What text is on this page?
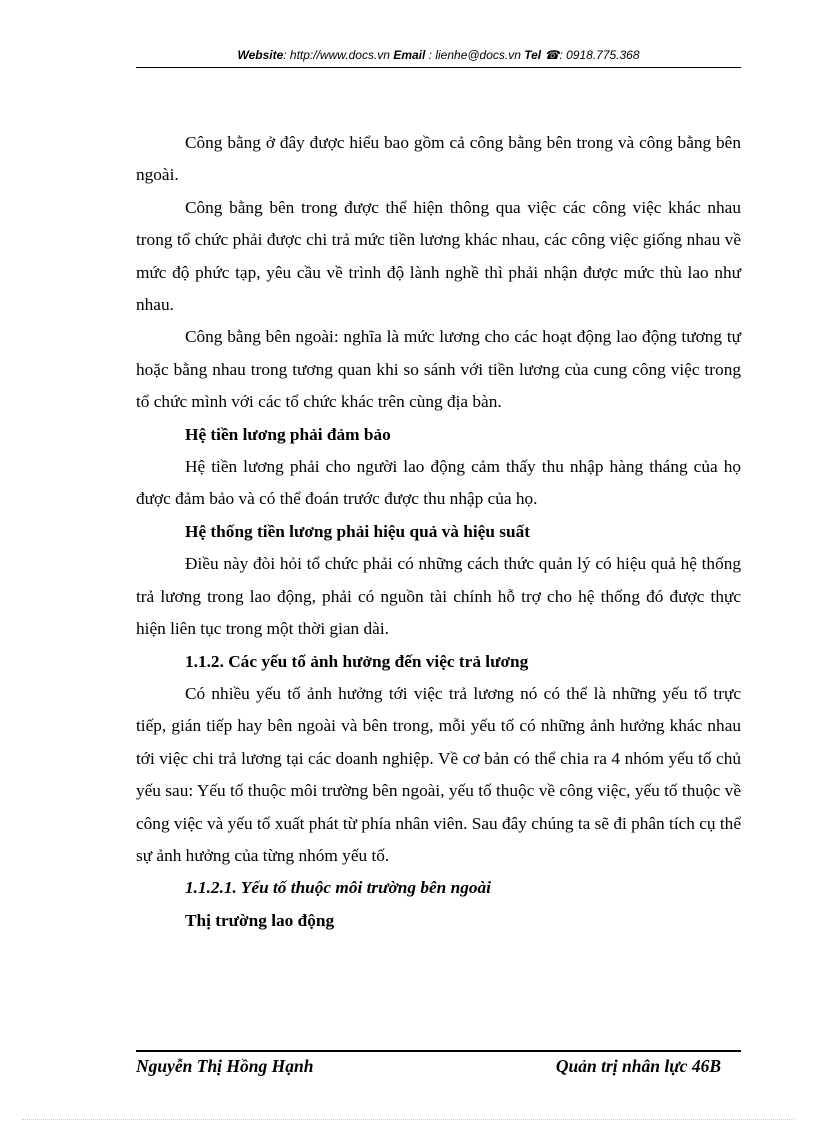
Website: http://www.docs.vn Email : lienhe@docs.vn Tel ☎: 0918.775.368

Công bằng ở đây được hiểu bao gồm cả công bằng bên trong và công bằng bên ngoài.

Công bằng bên trong được thể hiện thông qua việc các công việc khác nhau trong tổ chức phải được chi trả mức tiền lương khác nhau, các công việc giống nhau về mức độ phức tạp, yêu cầu về trình độ lành nghề thì phải nhận được mức thù lao như nhau.

Công bằng bên ngoài: nghĩa là mức lương cho các hoạt động lao động tương tự hoặc bằng nhau trong tương quan khi so sánh với tiền lương của cung công việc trong tổ chức mình với các tổ chức khác trên cùng địa bàn.

Hệ tiền lương phải đảm bảo

Hệ tiền lương phải cho người lao động cảm thấy thu nhập hàng tháng của họ được đảm bảo và có thể đoán trước được thu nhập của họ.

Hệ thống tiền lương phải hiệu quả và hiệu suất

Điều này đòi hỏi tổ chức phải có những cách thức quản lý có hiệu quả hệ thống trả lương trong lao động, phải có nguồn tài chính hỗ trợ cho hệ thống đó được thực hiện liên tục trong một thời gian dài.

1.1.2. Các yếu tố ảnh hưởng đến việc trả lương

Có nhiều yếu tố ảnh hưởng tới việc trả lương nó có thể là những yếu tố trực tiếp, gián tiếp hay bên ngoài và bên trong, mỗi yếu tố có những ảnh hưởng khác nhau tới việc chi trả lương tại các doanh nghiệp. Về cơ bản có thể chia ra 4 nhóm yếu tố chủ yếu sau: Yếu tố thuộc môi trường bên ngoài, yếu tố thuộc về công việc, yếu tố thuộc về công việc và yếu tố xuất phát từ phía nhân viên. Sau đây chúng ta sẽ đi phân tích cụ thể sự ảnh hưởng của từng nhóm yếu tố.

1.1.2.1. Yếu tố thuộc môi trường bên ngoài

Thị trường lao động

Nguyễn Thị Hồng Hạnh	Quản trị nhân lực 46B
